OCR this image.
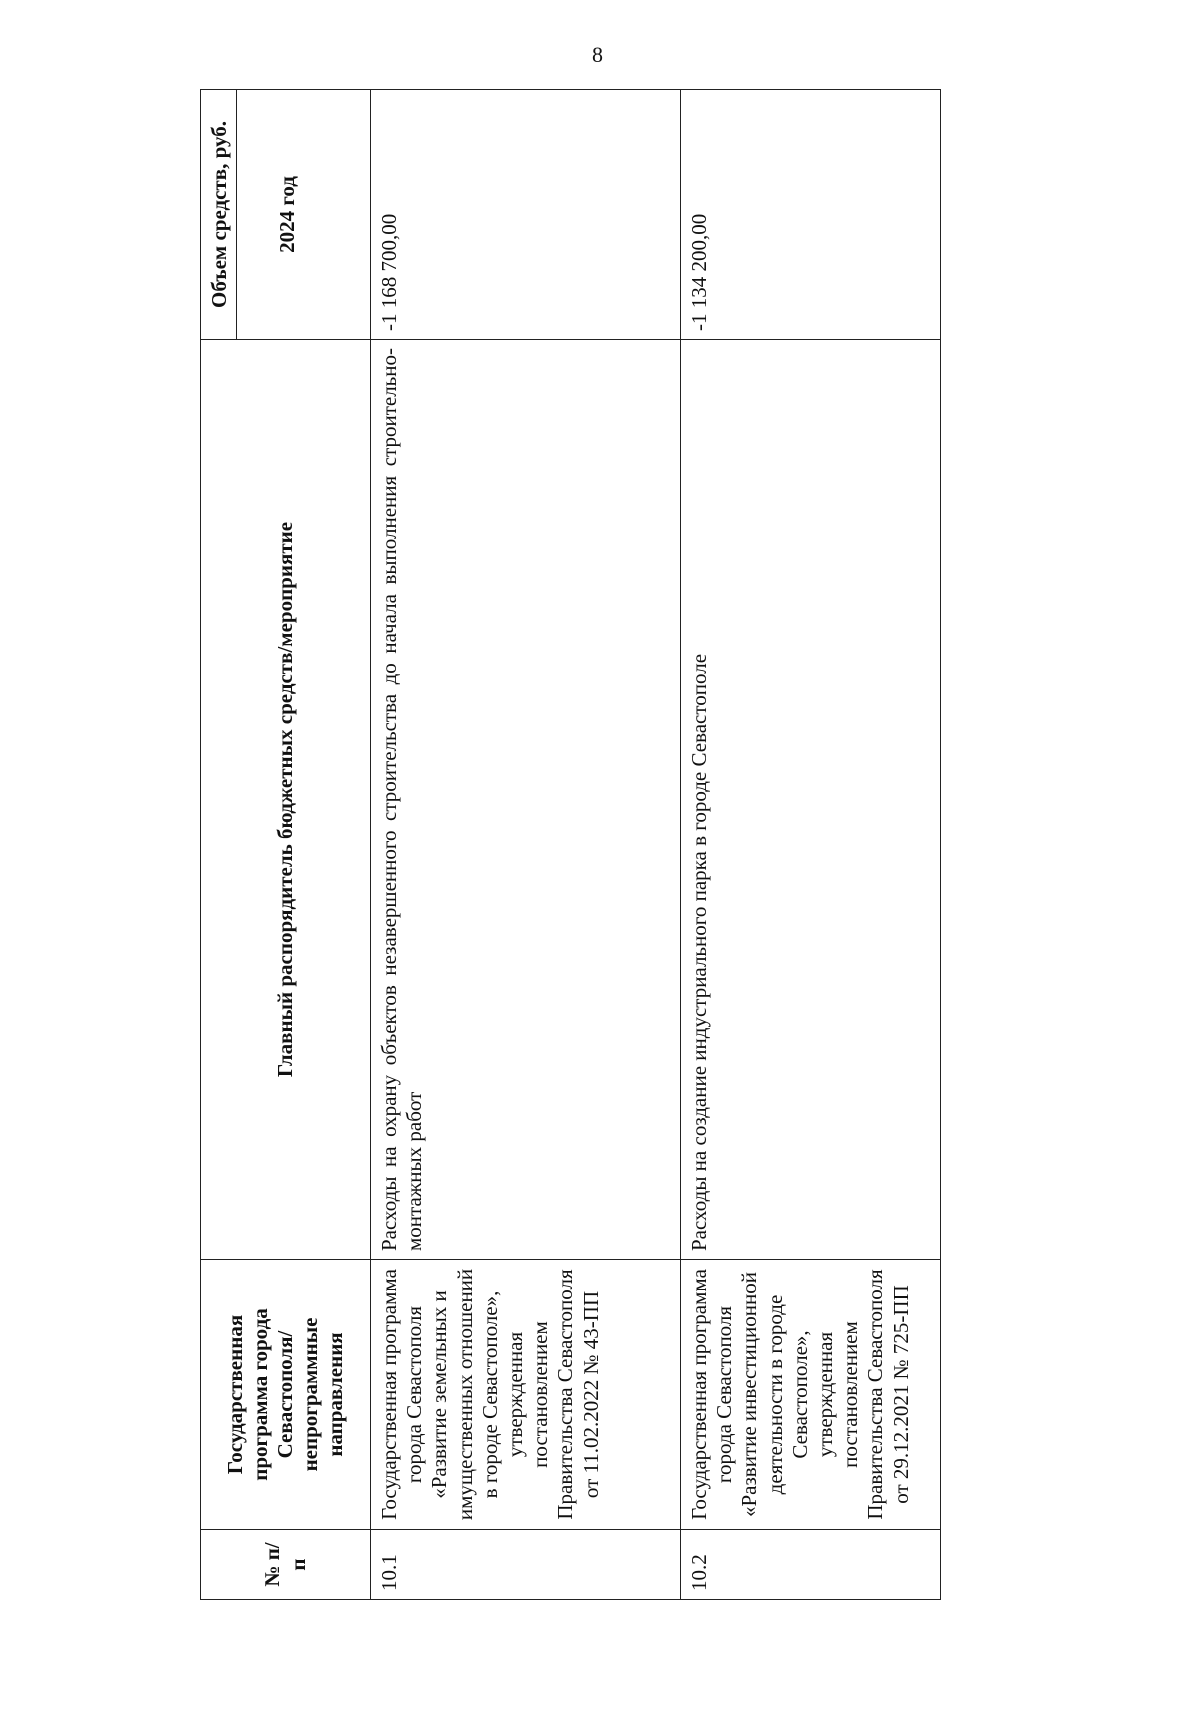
8
№ п/п	Государственная программа города Севастополя/ непрограммные направления	Главный распорядитель бюджетных средств/мероприятие	Объем средств, руб. 2024 год

10.1	Государственная программа города Севастополя «Развитие земельных и имущественных отношений в городе Севастополе», утвержденная постановлением Правительства Севастополя от 11.02.2022 № 43-ПП	Расходы на охрану объектов незавершенного строительства до начала выполнения строительно-монтажных работ	-1 168 700,00
10.2	Государственная программа города Севастополя «Развитие инвестиционной деятельности в городе Севастополе», утвержденная постановлением Правительства Севастополя от 29.12.2021 № 725-ПП	Расходы на создание индустриального парка в городе Севастополе	-1 134 200,00
